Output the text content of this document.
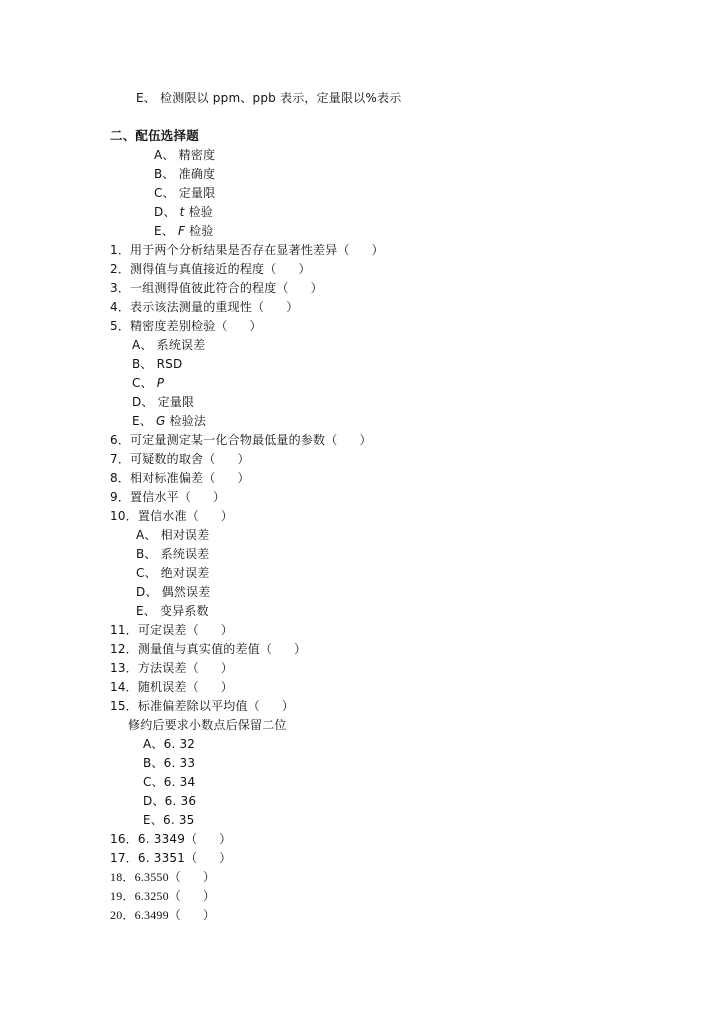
E、 检测限以 ppm、ppb 表示，定量限以%表示
二、配伍选择题
A、 精密度
B、 准确度
C、 定量限
D、 t 检验
E、 F 检验
1．用于两个分析结果是否存在显著性差异（ ）
2．测得值与真值接近的程度（ ）
3．一组测得值彼此符合的程度（ ）
4．表示该法测量的重现性（ ）
5．精密度差别检验（ ）
A、 系统误差
B、 RSD
C、 P
D、 定量限
E、 G 检验法
6．可定量测定某一化合物最低量的参数（ ）
7．可疑数的取舍（ ）
8．相对标准偏差（ ）
9．置信水平（ ）
10．置信水准（ ）
A、 相对误差
B、 系统误差
C、 绝对误差
D、 偶然误差
E、 变异系数
11．可定误差（ ）
12．测量值与真实值的差值（ ）
13．方法误差（ ）
14．随机误差（ ）
15．标准偏差除以平均值（ ）
修约后要求小数点后保留二位
A、6. 32
B、6. 33
C、6. 34
D、6. 36
E、6. 35
16．6. 3349（ ）
17．6. 3351（ ）
18．6.3550（ ）
19．6.3250（ ）
20．6.3499（ ）
